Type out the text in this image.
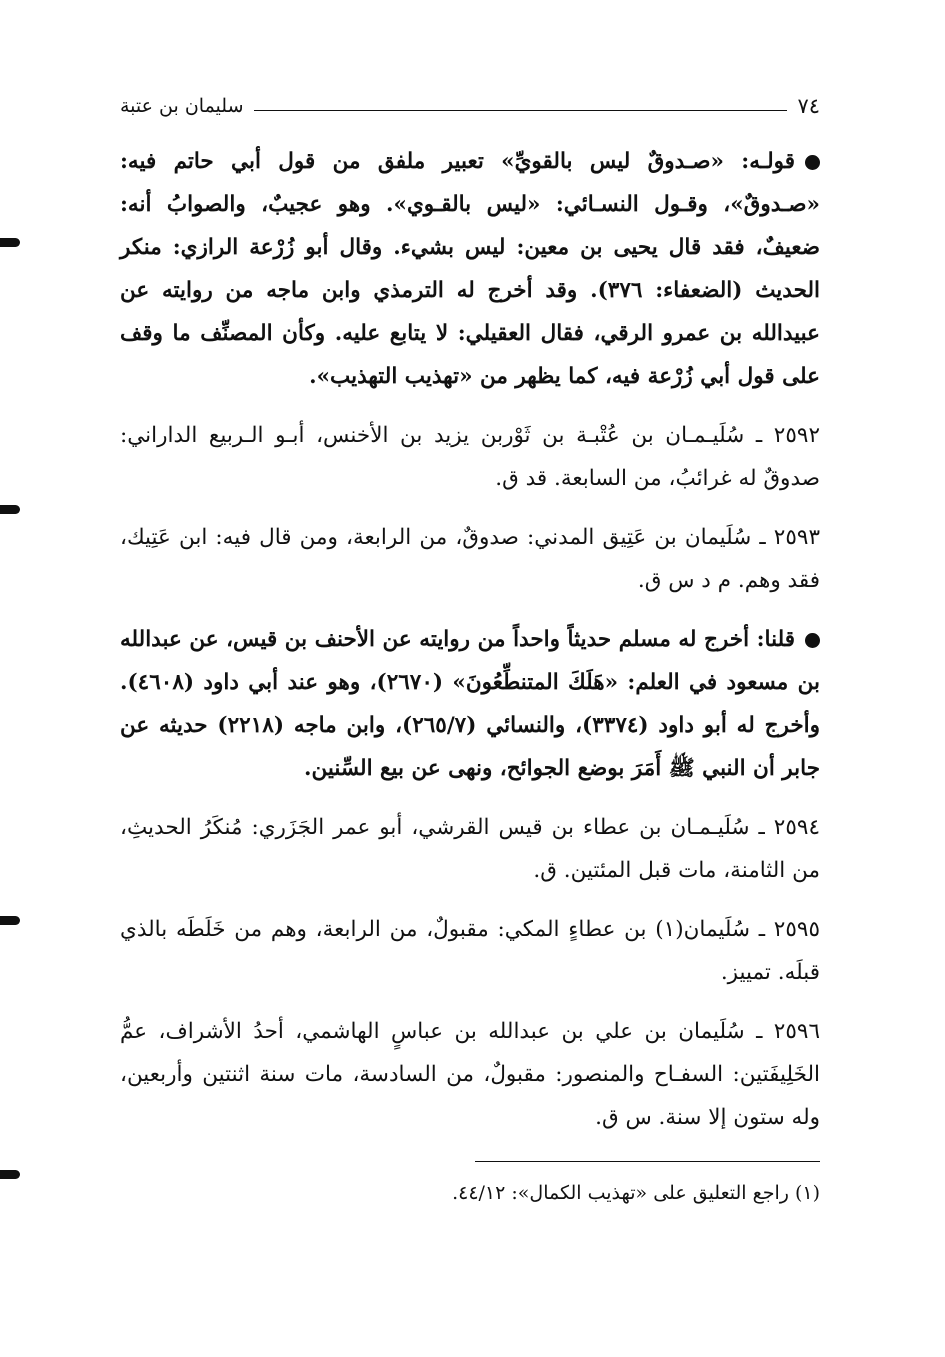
٧٤
سليمان بن عتبة

قولـه: «صـدوقٌ ليس بالقويِّ» تعبير ملفق من قول أبي حاتم فيه: «صـدوقٌ»، وقـول النسـائي: «ليس بالقـوي». وهو عجيبٌ، والصوابُ أنه: ضعيفٌ، فقد قال يحيى بن معين: ليس بشيء. وقال أبو زُرْعة الرازي: منكر الحديث (الضعفاء: ٣٧٦). وقد أخرج له الترمذي وابن ماجه من روايته عن عبيدالله بن عمرو الرقي، فقال العقيلي: لا يتابع عليه. وكأن المصنِّف ما وقف على قول أبي زُرْعة فيه، كما يظهر من «تهذيب التهذيب».

٢٥٩٢ ـ سُلَيـمـان بن عُتْبـة بن ثَوْربن يزيد بن الأخنس، أبـو الـربيع الداراني: صدوقٌ له غرائبُ، من السابعة. قد ق.

٢٥٩٣ ـ سُلَيمان بن عَتِيق المدني: صدوقٌ، من الرابعة، ومن قال فيه: ابن عَتِيك، فقد وهم. م د س ق.

قلنا: أخرج له مسلم حديثاً واحداً من روايته عن الأحنف بن قيس، عن عبدالله بن مسعود في العلم: «هَلَكَ المتنطِّعُونَ» (٢٦٧٠)، وهو عند أبي داود (٤٦٠٨). وأخرج له أبو داود (٣٣٧٤)، والنسائي (٢٦٥/٧)، وابن ماجه (٢٢١٨) حديثه عن جابر أن النبي ﷺ أَمَرَ بوضع الجوائح، ونهى عن بيع السِّنين.

٢٥٩٤ ـ سُلَيـمـان بن عطاء بن قيس القرشي، أبو عمر الجَزَري: مُنكَرُ الحديثِ، من الثامنة، مات قبل المئتين. ق.

٢٥٩٥ ـ سُلَيمان(١) بن عطاءٍ المكي: مقبولٌ، من الرابعة، وهم من خَلَطَه بالذي قبلَه. تمييز.

٢٥٩٦ ـ سُلَيمان بن علي بن عبدالله بن عباسٍ الهاشمي، أحدُ الأشراف، عمُّ الخَلِيفَتين: السفـاح والمنصور: مقبولٌ، من السادسة، مات سنة اثنتين وأربعين، وله ستون إلا سنة. س ق.

(١) راجع التعليق على «تهذيب الكمال»: ٤٤/١٢.
